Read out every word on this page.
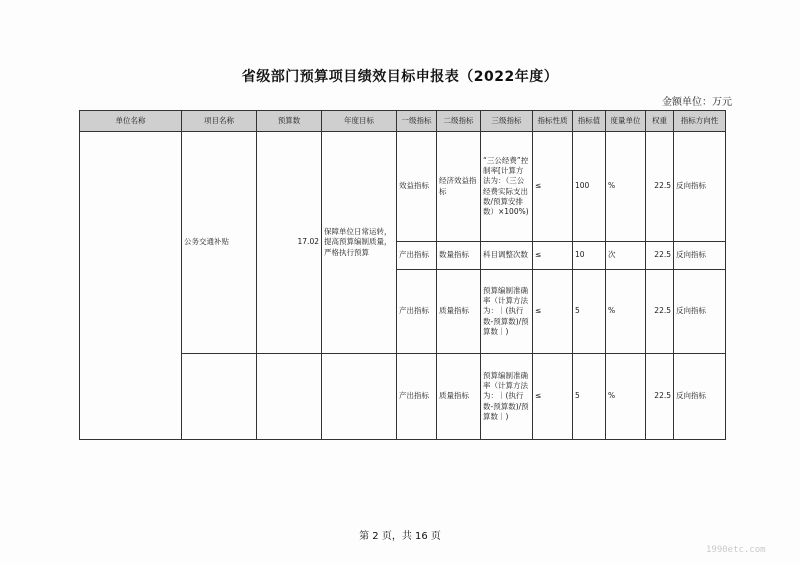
省级部门预算项目绩效目标申报表（2022年度）
金额单位：万元
单位名称	项目名称	预算数	年度目标	一级指标	二级指标	三级指标	指标性质	指标值	度量单位	权重	指标方向性
	公务交通补贴	17.02	保障单位日常运转，提高预算编制质量，严格执行预算	效益指标	经济效益指标	“三公经费”控制率[计算方法为：（三公经费实际支出数/预算安排数）×100%)	≤	100	%	22.5	反向指标
				产出指标	数量指标	科目调整次数	≤	10	次	22.5	反向指标
				产出指标	质量指标	预算编制准确率（计算方法为：｜(执行数-预算数)/预算数｜)	≤	5	%	22.5	反向指标
				产出指标	质量指标	预算编制准确率（计算方法为：｜(执行数-预算数)/预算数｜)	≤	5	%	22.5	反向指标
第 2 页，共 16 页
1990etc.com
